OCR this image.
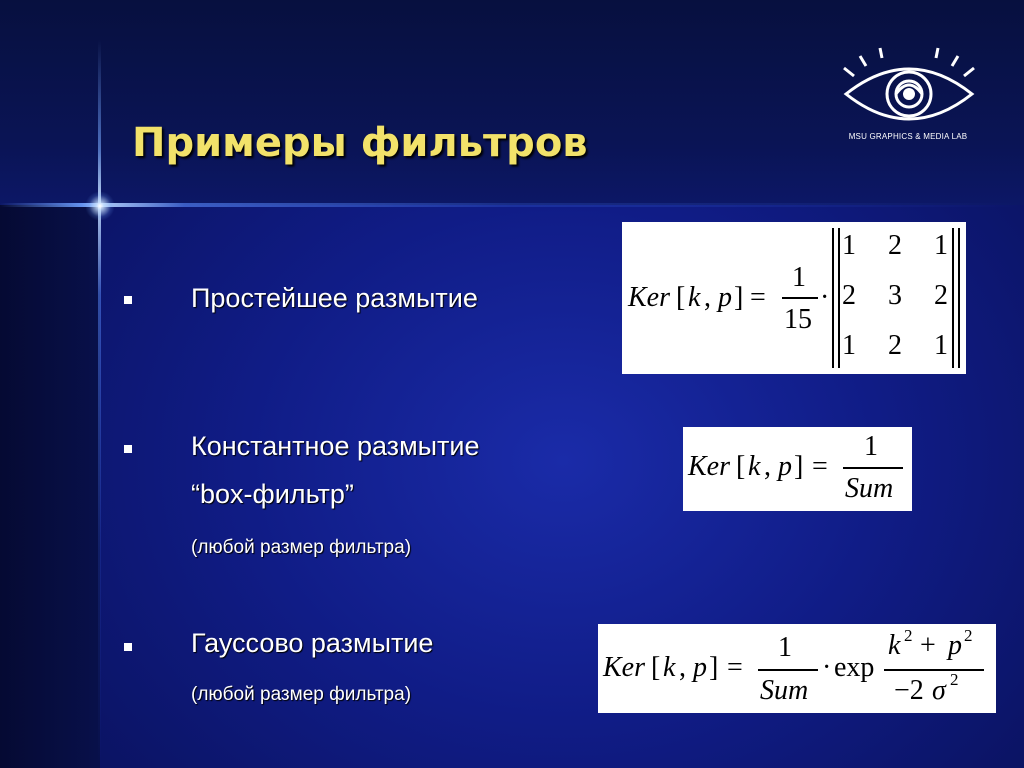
Примеры фильтров	MSU GRAPHICS & MEDIA LAB

Простейшее размытие

Константное размытие

“box-фильтр”

(любой размер фильтра)

Гауссово размытие

(любой размер фильтра)

Ker [ k , p ] =
1
15
·
1 2 1
2 3 2
1 2 1
Ker [ k , p ] =
1
Sum
Ker [ k , p ] =
1
Sum
· exp
k 2 + p 2
−2 σ 2
